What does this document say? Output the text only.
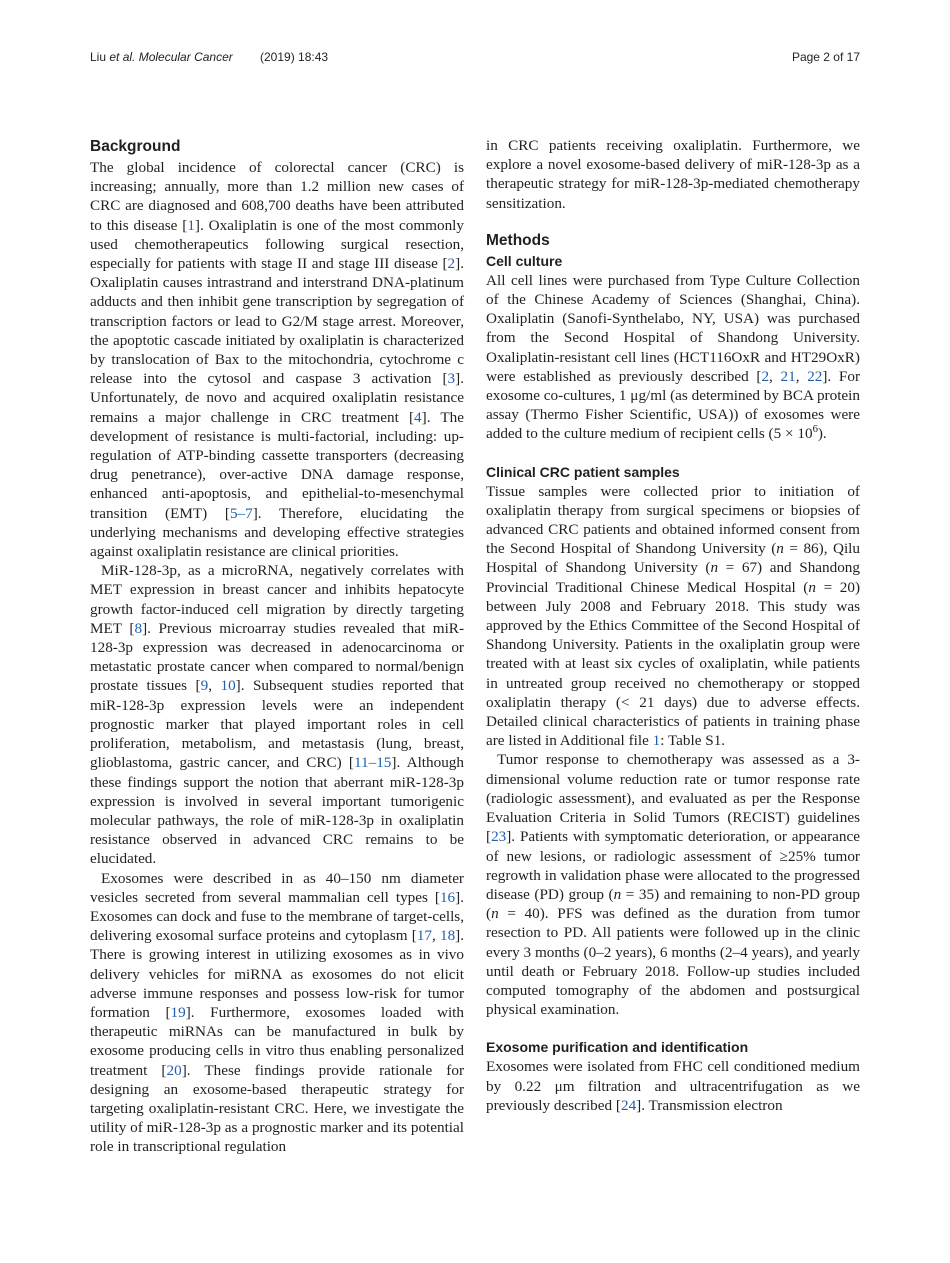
Liu et al. Molecular Cancer (2019) 18:43	Page 2 of 17
Background

The global incidence of colorectal cancer (CRC) is increasing; annually, more than 1.2 million new cases of CRC are diagnosed and 608,700 deaths have been attributed to this disease [1]. Oxaliplatin is one of the most commonly used chemotherapeutics following surgical resection, especially for patients with stage II and stage III disease [2]. Oxaliplatin causes intrastrand and interstrand DNA-platinum adducts and then inhibit gene transcription by segregation of transcription factors or lead to G2/M stage arrest. Moreover, the apoptotic cascade initiated by oxaliplatin is characterized by translocation of Bax to the mitochondria, cytochrome c release into the cytosol and caspase 3 activation [3]. Unfortunately, de novo and acquired oxaliplatin resistance remains a major challenge in CRC treatment [4]. The development of resistance is multi-factorial, including: up-regulation of ATP-binding cassette transporters (decreasing drug penetrance), over-active DNA damage response, enhanced anti-apoptosis, and epithelial-to-mesenchymal transition (EMT) [5–7]. Therefore, elucidating the underlying mechanisms and developing effective strategies against oxaliplatin resistance are clinical priorities.

MiR-128-3p, as a microRNA, negatively correlates with MET expression in breast cancer and inhibits hepatocyte growth factor-induced cell migration by directly targeting MET [8]. Previous microarray studies revealed that miR-128-3p expression was decreased in adenocarcinoma or metastatic prostate cancer when compared to normal/benign prostate tissues [9, 10]. Subsequent studies reported that miR-128-3p expression levels were an independent prognostic marker that played important roles in cell proliferation, metabolism, and metastasis (lung, breast, glioblastoma, gastric cancer, and CRC) [11–15]. Although these findings support the notion that aberrant miR-128-3p expression is involved in several important tumorigenic molecular pathways, the role of miR-128-3p in oxaliplatin resistance observed in advanced CRC remains to be elucidated.

Exosomes were described in as 40–150 nm diameter vesicles secreted from several mammalian cell types [16]. Exosomes can dock and fuse to the membrane of target-cells, delivering exosomal surface proteins and cytoplasm [17, 18]. There is growing interest in utilizing exosomes as in vivo delivery vehicles for miRNA as exosomes do not elicit adverse immune responses and possess low-risk for tumor formation [19]. Furthermore, exosomes loaded with therapeutic miRNAs can be manufactured in bulk by exosome producing cells in vitro thus enabling personalized treatment [20]. These findings provide rationale for designing an exosome-based therapeutic strategy for targeting oxaliplatin-resistant CRC. Here, we investigate the utility of miR-128-3p as a prognostic marker and its potential role in transcriptional regulation

in CRC patients receiving oxaliplatin. Furthermore, we explore a novel exosome-based delivery of miR-128-3p as a therapeutic strategy for miR-128-3p-mediated chemotherapy sensitization.

Methods
Cell culture

All cell lines were purchased from Type Culture Collection of the Chinese Academy of Sciences (Shanghai, China). Oxaliplatin (Sanofi-Synthelabo, NY, USA) was purchased from the Second Hospital of Shandong University. Oxaliplatin-resistant cell lines (HCT116OxR and HT29OxR) were established as previously described [2, 21, 22]. For exosome co-cultures, 1 μg/ml (as determined by BCA protein assay (Thermo Fisher Scientific, USA)) of exosomes were added to the culture medium of recipient cells $(5 \times 10^6)$.

Clinical CRC patient samples

Tissue samples were collected prior to initiation of oxaliplatin therapy from surgical specimens or biopsies of advanced CRC patients and obtained informed consent from the Second Hospital of Shandong University (n = 86), Qilu Hospital of Shandong University (n = 67) and Shandong Provincial Traditional Chinese Medical Hospital (n = 20) between July 2008 and February 2018. This study was approved by the Ethics Committee of the Second Hospital of Shandong University. Patients in the oxaliplatin group were treated with at least six cycles of oxaliplatin, while patients in untreated group received no chemotherapy or stopped oxaliplatin therapy (< 21 days) due to adverse effects. Detailed clinical characteristics of patients in training phase are listed in Additional file 1: Table S1.

Tumor response to chemotherapy was assessed as a 3-dimensional volume reduction rate or tumor response rate (radiologic assessment), and evaluated as per the Response Evaluation Criteria in Solid Tumors (RECIST) guidelines [23]. Patients with symptomatic deterioration, or appearance of new lesions, or radiologic assessment of ≥25% tumor regrowth in validation phase were allocated to the progressed disease (PD) group (n = 35) and remaining to non-PD group (n = 40). PFS was defined as the duration from tumor resection to PD. All patients were followed up in the clinic every 3 months (0–2 years), 6 months (2–4 years), and yearly until death or February 2018. Follow-up studies included computed tomography of the abdomen and postsurgical physical examination.

Exosome purification and identification

Exosomes were isolated from FHC cell conditioned medium by 0.22 μm filtration and ultracentrifugation as we previously described [24]. Transmission electron
